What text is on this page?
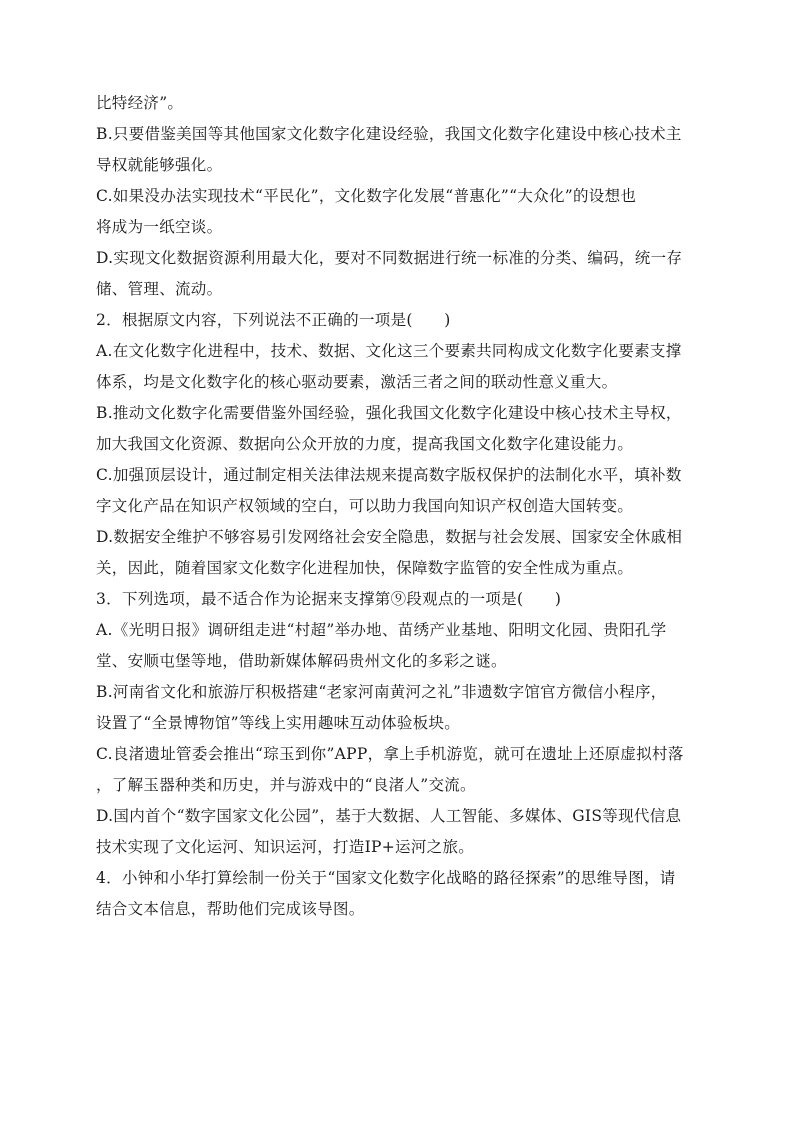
比特经济”。
B.只要借鉴美国等其他国家文化数字化建设经验，我国文化数字化建设中核心技术主
导权就能够强化。
C.如果没办法实现技术“平民化”，文化数字化发展“普惠化”“大众化”的设想也
将成为一纸空谈。
D.实现文化数据资源利用最大化，要对不同数据进行统一标准的分类、编码，统一存
储、管理、流动。
2．根据原文内容，下列说法不正确的一项是(　　)
A.在文化数字化进程中，技术、数据、文化这三个要素共同构成文化数字化要素支撑
体系，均是文化数字化的核心驱动要素，激活三者之间的联动性意义重大。
B.推动文化数字化需要借鉴外国经验，强化我国文化数字化建设中核心技术主导权，
加大我国文化资源、数据向公众开放的力度，提高我国文化数字化建设能力。
C.加强顶层设计，通过制定相关法律法规来提高数字版权保护的法制化水平，填补数
字文化产品在知识产权领域的空白，可以助力我国向知识产权创造大国转变。
D.数据安全维护不够容易引发网络社会安全隐患，数据与社会发展、国家安全休戚相
关，因此，随着国家文化数字化进程加快，保障数字监管的安全性成为重点。
3．下列选项，最不适合作为论据来支撑第⑨段观点的一项是(　　)
A.《光明日报》调研组走进“村超”举办地、苗绣产业基地、阳明文化园、贵阳孔学
堂、安顺屯堡等地，借助新媒体解码贵州文化的多彩之谜。
B.河南省文化和旅游厅积极搭建“老家河南黄河之礼”非遗数字馆官方微信小程序，
设置了“全景博物馆”等线上实用趣味互动体验板块。
C.良渚遗址管委会推出“琮玉到你”APP，拿上手机游览，就可在遗址上还原虚拟村落
，了解玉器种类和历史，并与游戏中的“良渚人”交流。
D.国内首个“数字国家文化公园”，基于大数据、人工智能、多媒体、GIS等现代信息
技术实现了文化运河、知识运河，打造IP+运河之旅。
4．小钟和小华打算绘制一份关于“国家文化数字化战略的路径探索”的思维导图，请
结合文本信息，帮助他们完成该导图。
